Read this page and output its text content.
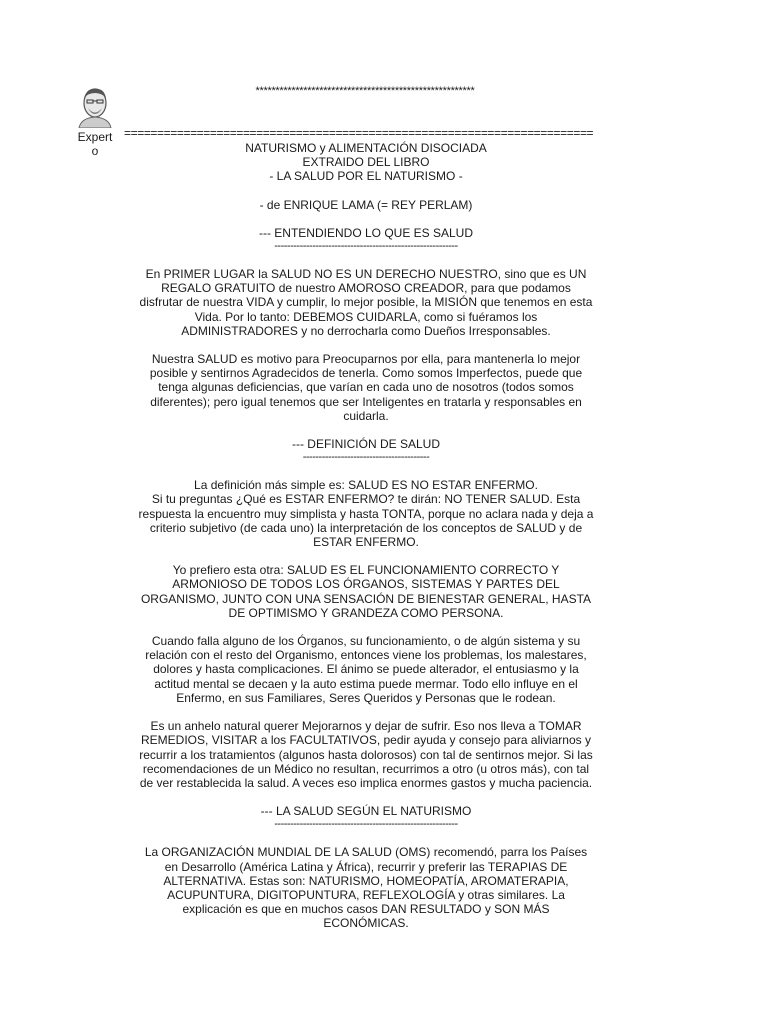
*******************************************************
Expert
o
=======================================================================

NATURISMO y ALIMENTACIÓN DISOCIADA

EXTRAIDO DEL LIBRO

- LA SALUD POR EL NATURISMO -

- de ENRIQUE LAMA (= REY PERLAM)

--- ENTENDIENDO LO QUE ES SALUD

----------------------------------------------------------

En PRIMER LUGAR la SALUD NO ES UN DERECHO NUESTRO, sino que es UN

REGALO GRATUITO de nuestro AMOROSO CREADOR, para que podamos

disfrutar de nuestra VIDA y cumplir, lo mejor posible, la MISIÓN que tenemos en esta

Vida. Por lo tanto: DEBEMOS CUIDARLA, como si fuéramos los

ADMINISTRADORES y no derrocharla como Dueños Irresponsables.

Nuestra SALUD es motivo para Preocuparnos por ella, para mantenerla lo mejor

posible y sentirnos Agradecidos de tenerla. Como somos Imperfectos, puede que

tenga algunas deficiencias, que varían en cada uno de nosotros (todos somos

diferentes); pero igual tenemos que ser Inteligentes en tratarla y responsables en

cuidarla.

--- DEFINICIÓN DE SALUD

----------------------------------------

La definición más simple es: SALUD ES NO ESTAR ENFERMO.

Si tu preguntas ¿Qué es ESTAR ENFERMO? te dirán: NO TENER SALUD. Esta

respuesta la encuentro muy simplista y hasta TONTA, porque no aclara nada y deja a

criterio subjetivo (de cada uno) la interpretación de los conceptos de SALUD y de

ESTAR ENFERMO.

Yo prefiero esta otra: SALUD ES EL FUNCIONAMIENTO CORRECTO Y

ARMONIOSO DE TODOS LOS ÓRGANOS, SISTEMAS Y PARTES DEL

ORGANISMO, JUNTO CON UNA SENSACIÓN DE BIENESTAR GENERAL, HASTA

DE OPTIMISMO Y GRANDEZA COMO PERSONA.

Cuando falla alguno de los Órganos, su funcionamiento, o de algún sistema y su

relación con el resto del Organismo, entonces viene los problemas, los malestares,

dolores y hasta complicaciones. El ánimo se puede alterador, el entusiasmo y la

actitud mental se decaen y la auto estima puede mermar. Todo ello influye en el

Enfermo, en sus Familiares, Seres Queridos y Personas que le rodean.

Es un anhelo natural querer Mejorarnos y dejar de sufrir. Eso nos lleva a TOMAR

REMEDIOS, VISITAR a los FACULTATIVOS, pedir ayuda y consejo para aliviarnos y

recurrir a los tratamientos (algunos hasta dolorosos) con tal de sentirnos mejor. Si las

recomendaciones de un Médico no resultan, recurrimos a otro (u otros más), con tal

de ver restablecida la salud. A veces eso implica enormes gastos y mucha paciencia.

--- LA SALUD SEGÚN EL NATURISMO

----------------------------------------------------------

La ORGANIZACIÓN MUNDIAL DE LA SALUD (OMS) recomendó, parra los Países

en Desarrollo (América Latina y África), recurrir y preferir las TERAPIAS DE

ALTERNATIVA. Estas son: NATURISMO, HOMEOPATÍA, AROMATERAPIA,

ACUPUNTURA, DIGITOPUNTURA, REFLEXOLOGÍA y otras similares. La

explicación es que en muchos casos DAN RESULTADO y SON MÁS

ECONÓMICAS.
